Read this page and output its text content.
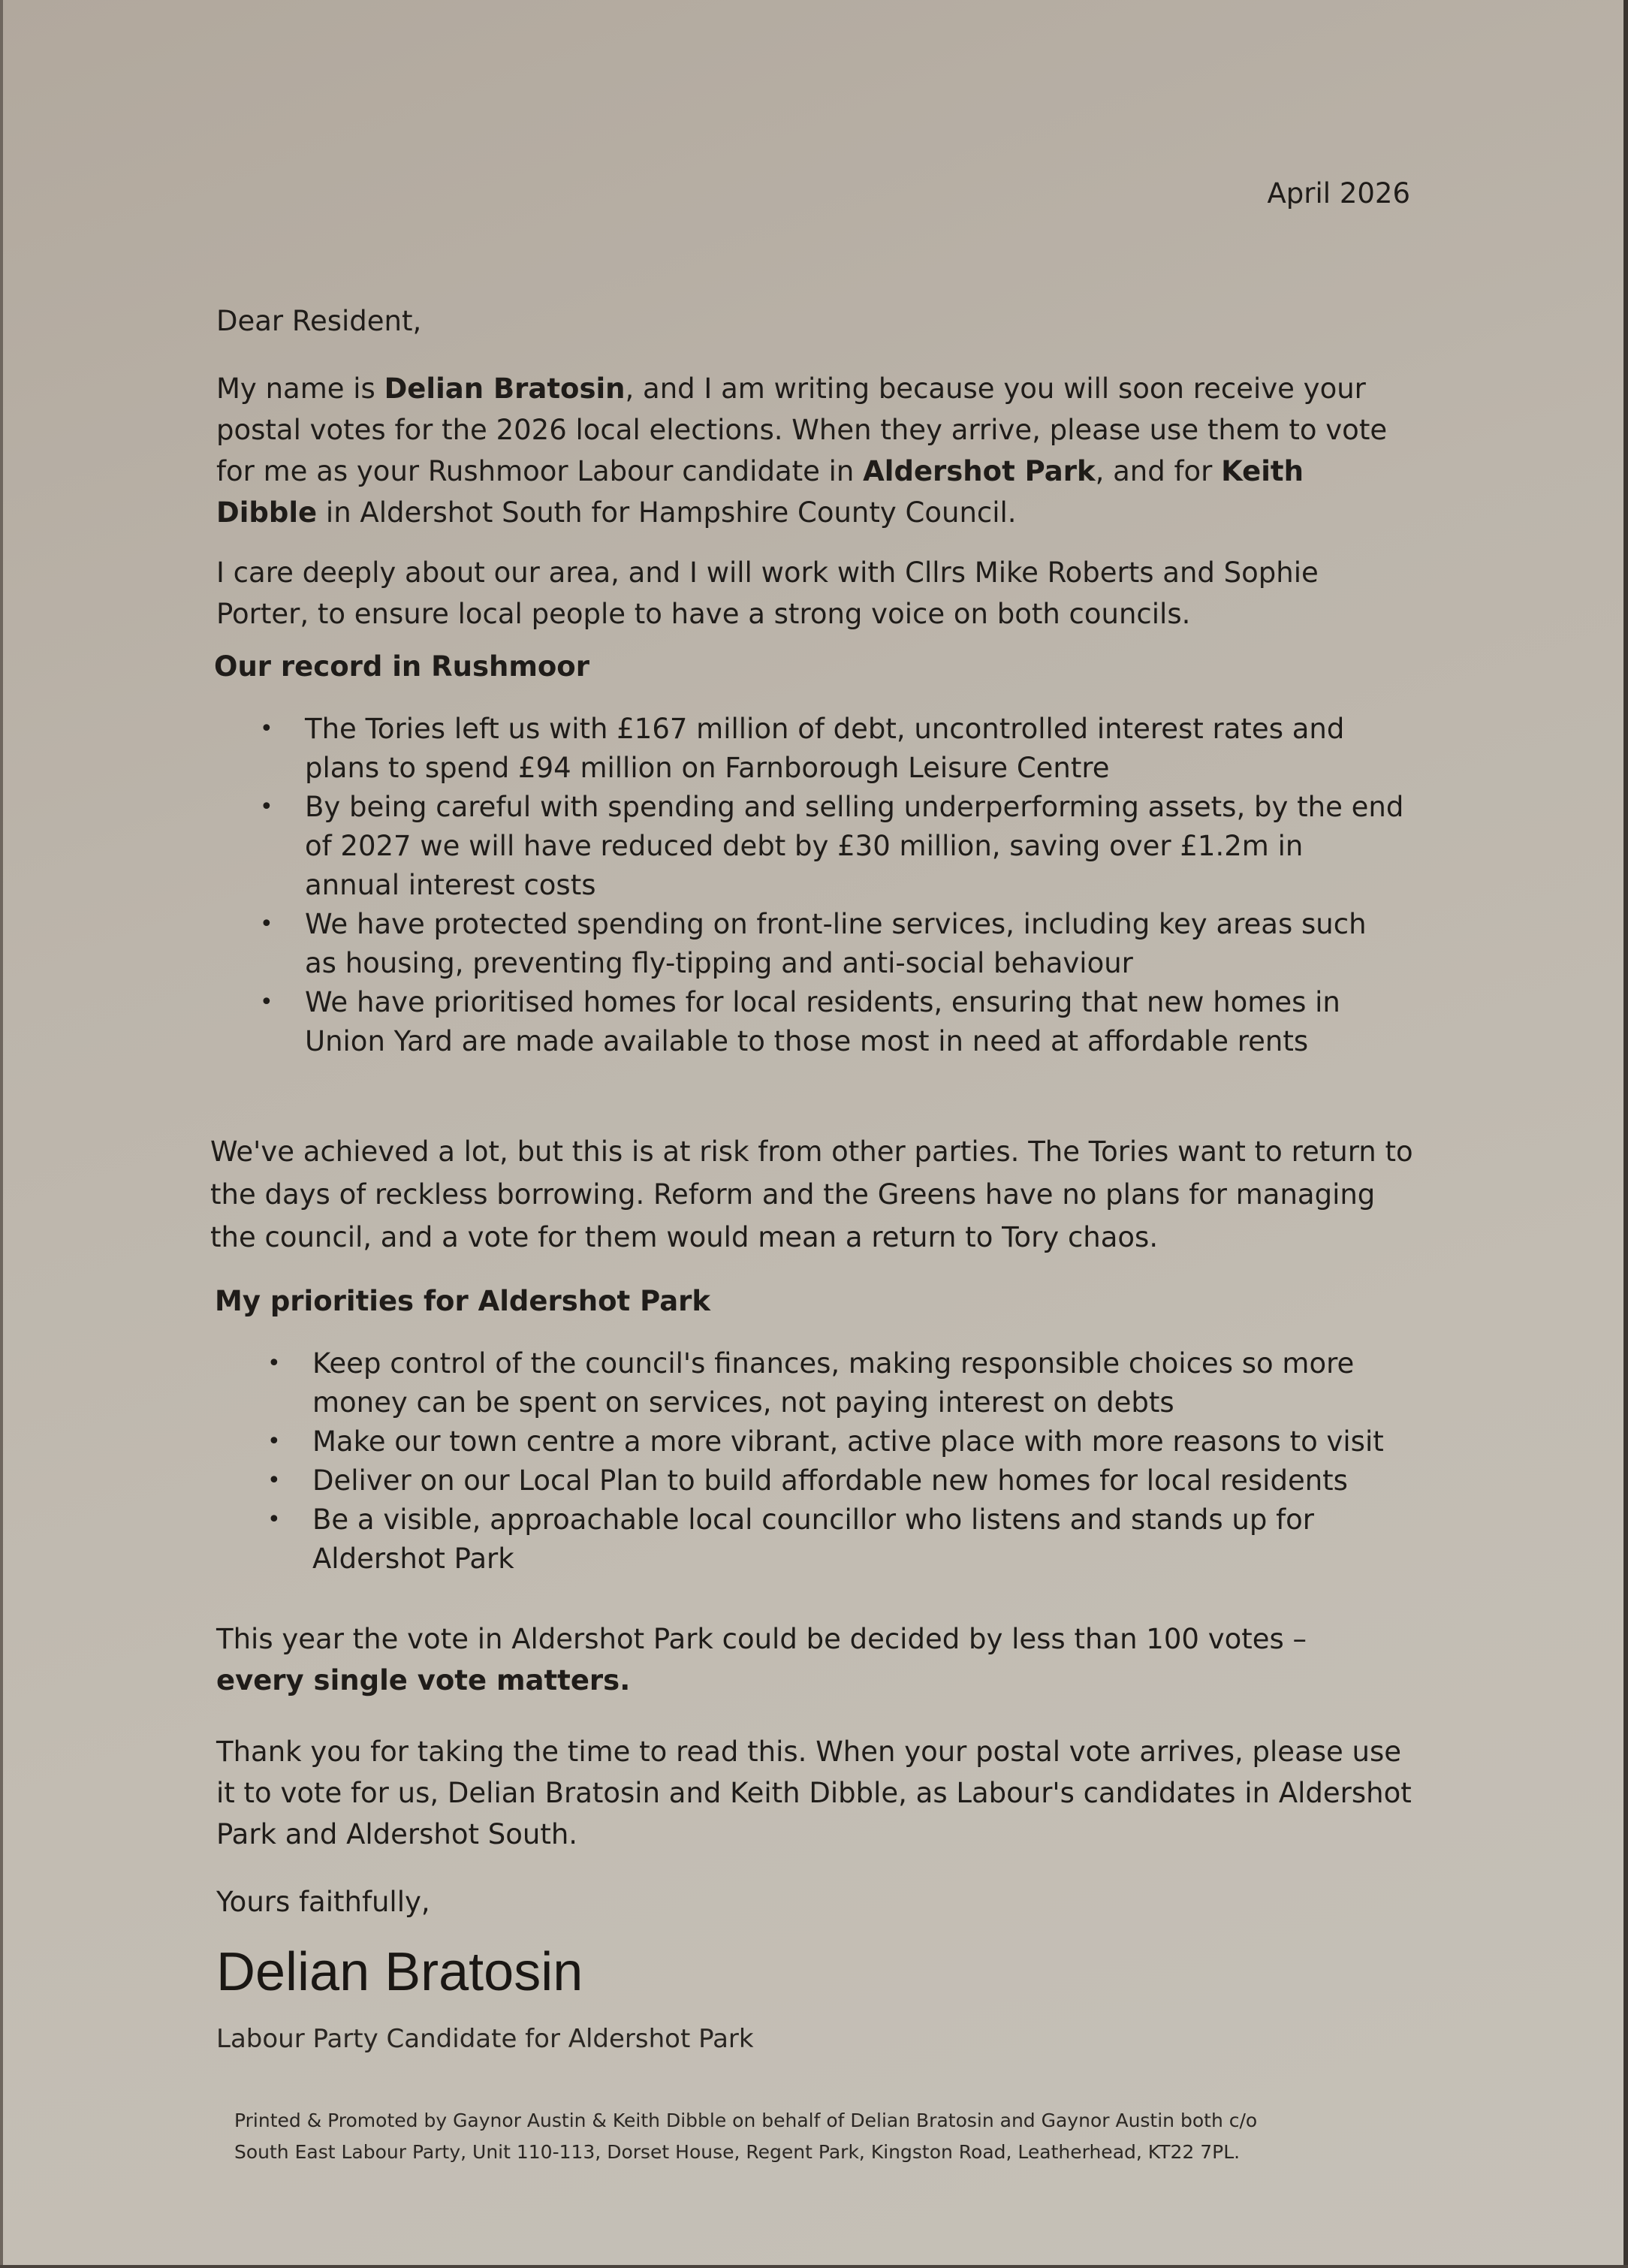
April 2026
Dear Resident,

My name is Delian Bratosin, and I am writing because you will soon receive your postal votes for the 2026 local elections. When they arrive, please use them to vote for me as your Rushmoor Labour candidate in Aldershot Park, and for Keith Dibble in Aldershot South for Hampshire County Council.

I care deeply about our area, and I will work with Cllrs Mike Roberts and Sophie Porter, to ensure local people to have a strong voice on both councils.
Our record in Rushmoor
• The Tories left us with £167 million of debt, uncontrolled interest rates and plans to spend £94 million on Farnborough Leisure Centre
• By being careful with spending and selling underperforming assets, by the end of 2027 we will have reduced debt by £30 million, saving over £1.2m in annual interest costs
• We have protected spending on front-line services, including key areas such as housing, preventing fly-tipping and anti-social behaviour
• We have prioritised homes for local residents, ensuring that new homes in Union Yard are made available to those most in need at affordable rents
We've achieved a lot, but this is at risk from other parties. The Tories want to return to the days of reckless borrowing. Reform and the Greens have no plans for managing the council, and a vote for them would mean a return to Tory chaos.
My priorities for Aldershot Park
• Keep control of the council's finances, making responsible choices so more money can be spent on services, not paying interest on debts
• Make our town centre a more vibrant, active place with more reasons to visit
• Deliver on our Local Plan to build affordable new homes for local residents
• Be a visible, approachable local councillor who listens and stands up for Aldershot Park

This year the vote in Aldershot Park could be decided by less than 100 votes –

every single vote matters.

Thank you for taking the time to read this. When your postal vote arrives, please use it to vote for us, Delian Bratosin and Keith Dibble, as Labour's candidates in Aldershot Park and Aldershot South.
Yours faithfully,
Delian Bratosin
Labour Party Candidate for Aldershot Park
Printed & Promoted by Gaynor Austin & Keith Dibble on behalf of Delian Bratosin and Gaynor Austin both c/o
South East Labour Party, Unit 110-113, Dorset House, Regent Park, Kingston Road, Leatherhead, KT22 7PL.
